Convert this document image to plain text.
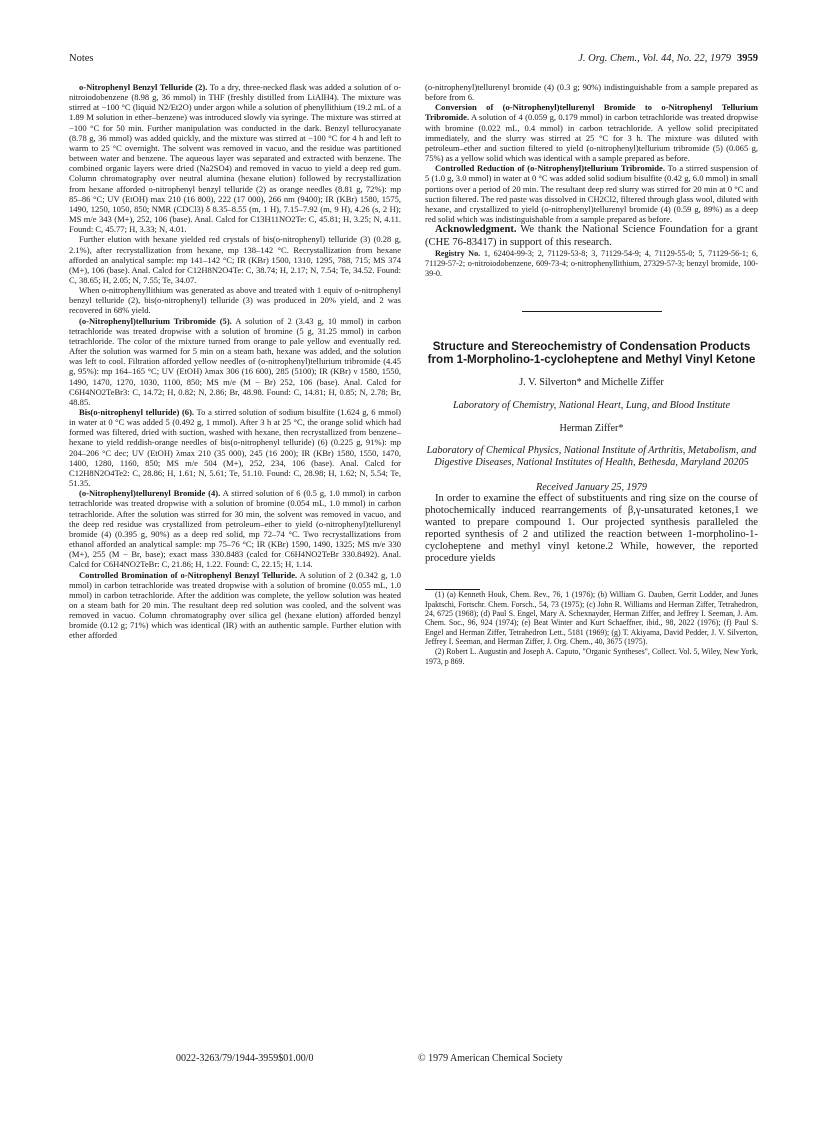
Notes	J. Org. Chem., Vol. 44, No. 22, 1979 3959

o-Nitrophenyl Benzyl Telluride (2). To a dry, three-necked flask was added a solution of o-nitroiodobenzene (8.98 g, 36 mmol) in THF (freshly distilled from LiAlH4). The mixture was stirred at −100 °C (liquid N2/Et2O) under argon while a solution of phenyllithium (19.2 mL of a 1.89 M solution in ether–benzene) was introduced slowly via syringe. The mixture was stirred at −100 °C for 50 min. Further manipulation was conducted in the dark. Benzyl tellurocyanate (8.78 g, 36 mmol) was added quickly, and the mixture was stirred at −100 °C for 4 h and left to warm to 25 °C overnight. The solvent was removed in vacuo, and the residue was partitioned between water and benzene. The aqueous layer was separated and extracted with benzene. The combined organic layers were dried (Na2SO4) and removed in vacuo to yield a deep red gum. Column chromatography over neutral alumina (hexane elution) followed by recrystallization from hexane afforded o-nitrophenyl benzyl telluride (2) as orange needles (8.81 g, 72%): mp 85–86 °C; UV (EtOH) max 210 (16 800), 222 (17 000), 266 nm (9400); IR (KBr) 1580, 1575, 1490, 1250, 1050, 850; NMR (CDCl3) δ 8.35–8.55 (m, 1 H), 7.15–7.92 (m, 9 H), 4.26 (s, 2 H); MS m/e 343 (M+), 252, 106 (base). Anal. Calcd for C13H11NO2Te: C, 45.81; H, 3.25; N, 4.11. Found: C, 45.77; H, 3.33; N, 4.01.

Further elution with hexane yielded red crystals of bis(o-nitrophenyl) telluride (3) (0.28 g, 2.1%), after recrystallization from hexane, mp 138–142 °C. Recrystallization from hexane afforded an analytical sample: mp 141–142 °C; IR (KBr) 1500, 1310, 1295, 788, 715; MS 374 (M+), 106 (base). Anal. Calcd for C12H8N2O4Te: C, 38.74; H, 2.17; N, 7.54; Te, 34.52. Found: C, 38.65; H, 2.05; N, 7.55; Te, 34.07.

When o-nitrophenyllithium was generated as above and treated with 1 equiv of o-nitrophenyl benzyl telluride (2), bis(o-nitrophenyl) telluride (3) was produced in 20% yield, and 2 was recovered in 68% yield.

(o-Nitrophenyl)tellurium Tribromide (5). A solution of 2 (3.43 g, 10 mmol) in carbon tetrachloride was treated dropwise with a solution of bromine (5 g, 31.25 mmol) in carbon tetrachloride. The color of the mixture turned from orange to pale yellow and eventually red. After the solution was warmed for 5 min on a steam bath, hexane was added, and the solution was left to cool. Filtration afforded yellow needles of (o-nitrophenyl)tellurium tribromide (4.45 g, 95%): mp 164–165 °C; UV (EtOH) λmax 306 (16 600), 285 (5100); IR (KBr) ν 1580, 1550, 1490, 1470, 1270, 1030, 1100, 850; MS m/e (M − Br) 252, 106 (base). Anal. Calcd for C6H4NO2TeBr3: C, 14.72; H, 0.82; N, 2.86; Br, 48.98. Found: C, 14.81; H, 0.85; N, 2.78; Br, 48.85.

Bis(o-nitrophenyl telluride) (6). To a stirred solution of sodium bisulfite (1.624 g, 6 mmol) in water at 0 °C was added 5 (0.492 g, 1 mmol). After 3 h at 25 °C, the orange solid which had formed was filtered, dried with suction, washed with hexane, then recrystallized from benzene–hexane to yield reddish-orange needles of bis(o-nitrophenyl telluride) (6) (0.225 g, 91%): mp 204–206 °C dec; UV (EtOH) λmax 210 (35 000), 245 (16 200); IR (KBr) 1580, 1550, 1470, 1400, 1280, 1160, 850; MS m/e 504 (M+), 252, 234, 106 (base). Anal. Calcd for C12H8N2O4Te2: C, 28.86; H, 1.61; N, 5.61; Te, 51.10. Found: C, 28.98; H, 1.62; N, 5.54; Te, 51.35.

(o-Nitrophenyl)tellurenyl Bromide (4). A stirred solution of 6 (0.5 g, 1.0 mmol) in carbon tetrachloride was treated dropwise with a solution of bromine (0.054 mL, 1.0 mmol) in carbon tetrachloride. After the solution was stirred for 30 min, the solvent was removed in vacuo, and the deep red residue was crystallized from petroleum–ether to yield (o-nitrophenyl)tellurenyl bromide (4) (0.395 g, 90%) as a deep red solid, mp 72–74 °C. Two recrystallizations from ethanol afforded an analytical sample: mp 75–76 °C; IR (KBr) 1590, 1490, 1325; MS m/e 330 (M+), 255 (M − Br, base); exact mass 330.8483 (calcd for C6H4NO2TeBr 330.8492). Anal. Calcd for C6H4NO2TeBr: C, 21.86; H, 1.22. Found: C, 22.15; H, 1.14.

Controlled Bromination of o-Nitrophenyl Benzyl Telluride. A solution of 2 (0.342 g, 1.0 mmol) in carbon tetrachloride was treated dropwise with a solution of bromine (0.055 mL, 1.0 mmol) in carbon tetrachloride. After the addition was complete, the yellow solution was heated on a steam bath for 20 min. The resultant deep red solution was cooled, and the solvent was removed in vacuo. Column chromatography over silica gel (hexane elution) afforded benzyl bromide (0.12 g; 71%) which was identical (IR) with an authentic sample. Further elution with ether afforded

(o-nitrophenyl)tellurenyl bromide (4) (0.3 g; 90%) indistinguishable from a sample prepared as before from 6.

Conversion of (o-Nitrophenyl)tellurenyl Bromide to o-Nitrophenyl Tellurium Tribromide. A solution of 4 (0.059 g, 0.179 mmol) in carbon tetrachloride was treated dropwise with bromine (0.022 mL, 0.4 mmol) in carbon tetrachloride. A yellow solid precipitated immediately, and the slurry was stirred at 25 °C for 3 h. The mixture was diluted with petroleum–ether and suction filtered to yield (o-nitrophenyl)tellurium tribromide (5) (0.065 g, 75%) as a yellow solid which was identical with a sample prepared as before.

Controlled Reduction of (o-Nitrophenyl)tellurium Tribromide. To a stirred suspension of 5 (1.0 g, 3.0 mmol) in water at 0 °C was added solid sodium bisulfite (0.42 g, 6.0 mmol) in small portions over a period of 20 min. The resultant deep red slurry was stirred for 20 min at 0 °C and suction filtered. The red paste was dissolved in CH2Cl2, filtered through glass wool, diluted with hexane, and crystallized to yield (o-nitrophenyl)tellurenyl bromide (4) (0.59 g, 89%) as a deep red solid which was indistinguishable from a sample prepared as before.

Acknowledgment. We thank the National Science Foundation for a grant (CHE 76-83417) in support of this research.

Registry No. 1, 62404-99-3; 2, 71129-53-8; 3, 71129-54-9; 4, 71129-55-0; 5, 71129-56-1; 6, 71129-57-2; o-nitroiodobenzene, 609-73-4; o-nitrophenyllithium, 27329-57-3; benzyl bromide, 100-39-0.

Structure and Stereochemistry of Condensation Products from 1-Morpholino-1-cycloheptene and Methyl Vinyl Ketone
J. V. Silverton* and Michelle Ziffer
Laboratory of Chemistry, National Heart, Lung, and Blood Institute
Herman Ziffer*
Laboratory of Chemical Physics, National Institute of Arthritis, Metabolism, and Digestive Diseases, National Institutes of Health, Bethesda, Maryland 20205
Received January 25, 1979

In order to examine the effect of substituents and ring size on the course of photochemically induced rearrangements of β,γ-unsaturated ketones,1 we wanted to prepare compound 1. Our projected synthesis paralleled the reported synthesis of 2 and utilized the reaction between 1-morpholino-1-cycloheptene and methyl vinyl ketone.2 While, however, the reported procedure yields

(1) (a) Kenneth Houk, Chem. Rev., 76, 1 (1976); (b) William G. Dauben, Gerrit Lodder, and Junes Ipaktschi, Fortschr. Chem. Forsch., 54, 73 (1975); (c) John R. Williams and Herman Ziffer, Tetrahedron, 24, 6725 (1968); (d) Paul S. Engel, Mary A. Schexnayder, Herman Ziffer, and Jeffrey I. Seeman, J. Am. Chem. Soc., 96, 924 (1974); (e) Beat Winter and Kurt Schaeffner, ibid., 98, 2022 (1976); (f) Paul S. Engel and Herman Ziffer, Tetrahedron Lett., 5181 (1969); (g) T. Akiyama, David Pedder, J. V. Silverton, Jeffrey I. Seeman, and Herman Ziffer, J. Org. Chem., 40, 3675 (1975).

(2) Robert L. Augustin and Joseph A. Caputo, "Organic Syntheses", Collect. Vol. 5, Wiley, New York, 1973, p 869.

0022-3263/79/1944-3959$01.00/0	© 1979 American Chemical Society
